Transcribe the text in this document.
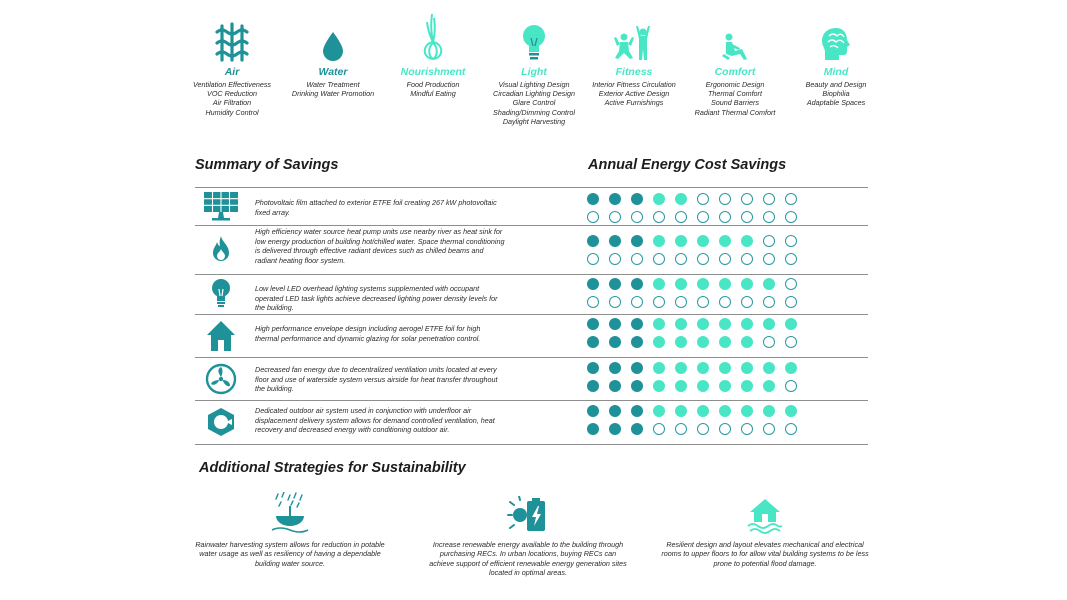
Air
Ventilation Effectiveness
VOC Reduction
Air Filtration
Humidity Control
Water
Water Treatment
Drinking Water Promotion
Nourishment
Food Production
Mindful Eating
Light
Visual Lighting Design
Circadian Lighting Design
Glare Control
Shading/Dimming Control
Daylight Harvesting
Fitness
Interior Fitness Circulation
Exterior Active Design
Active Furnishings
Comfort
Ergonomic Design
Thermal Comfort
Sound Barriers
Radiant Thermal Comfort
Mind
Beauty and Design
Biophilia
Adaptable Spaces
Summary of Savings	Annual Energy Cost Savings
Photovoltaic film attached to exterior ETFE foil creating 267 kW photovoltaic fixed array.
High efficiency water source heat pump units use nearby river as heat sink for low energy production of building hot/chilled water. Space thermal conditioning is delivered through effective radiant devices such as chilled beams and radiant heating floor system.
Low level LED overhead lighting systems supplemented with occupant operated LED task lights achieve decreased lighting power density levels for the building.
High performance envelope design including aerogel ETFE foil for high thermal performance and dynamic glazing for solar penetration control.
Decreased fan energy due to decentralized ventilation units located at every floor and use of waterside system versus airside for heat transfer throughout the building.
Dedicated outdoor air system used in conjunction with underfloor air displacement delivery system allows for demand controlled ventilation, heat recovery and decreased energy with conditioning outdoor air.
Additional Strategies for Sustainability
Rainwater harvesting system allows for reduction in potable water usage as well as resiliency of having a dependable building water source.
Increase renewable energy available to the building through purchasing RECs. In urban locations, buying RECs can achieve support of efficient renewable energy generation sites located in optimal areas.
Resilient design and layout elevates mechanical and electrical rooms to upper floors to for allow vital building systems to be less prone to potential flood damage.
